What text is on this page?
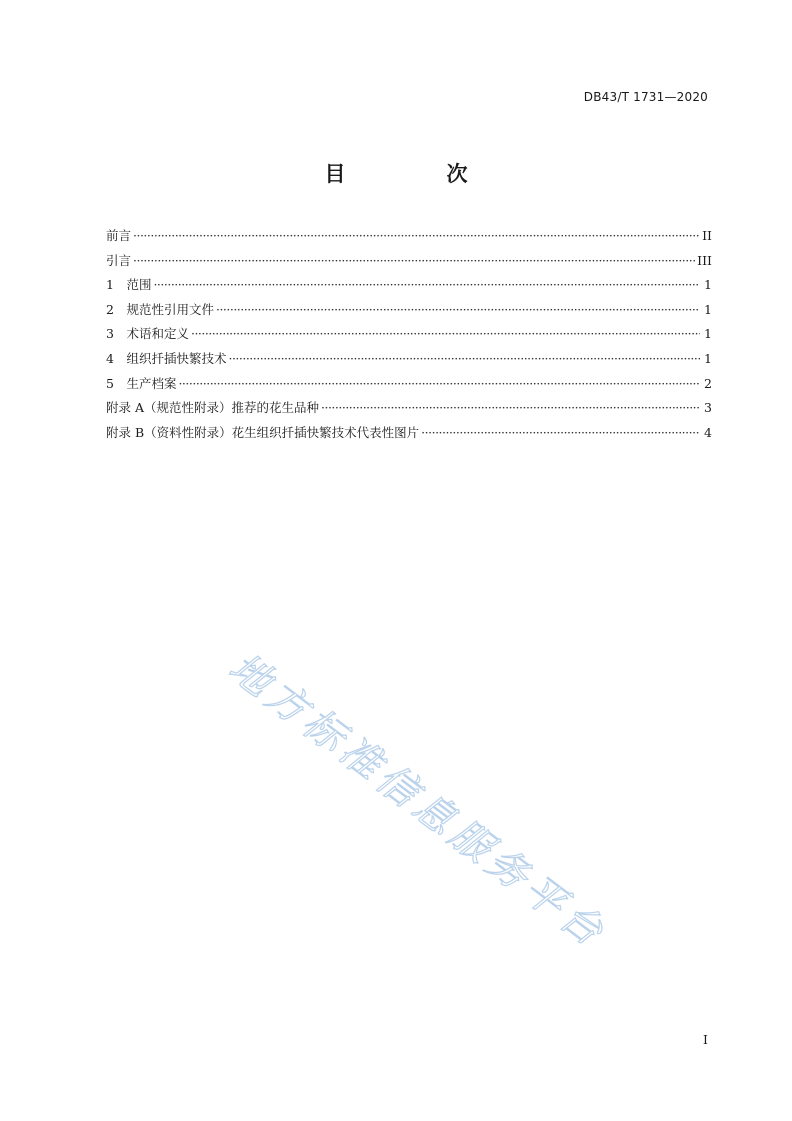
DB43/T 1731—2020
目　次
前言 ·····	II
引言 ·····	III
1　范围 ·····	1
2　规范性引用文件 ·····	1
3　术语和定义 ·····	1
4　组织扦插快繁技术 ·····	1
5　生产档案 ·····	2
附录 A（规范性附录）推荐的花生品种 ·····	3
附录 B（资料性附录）花生组织扦插快繁技术代表性图片 ·····	4
地方标准信息服务平台
I
